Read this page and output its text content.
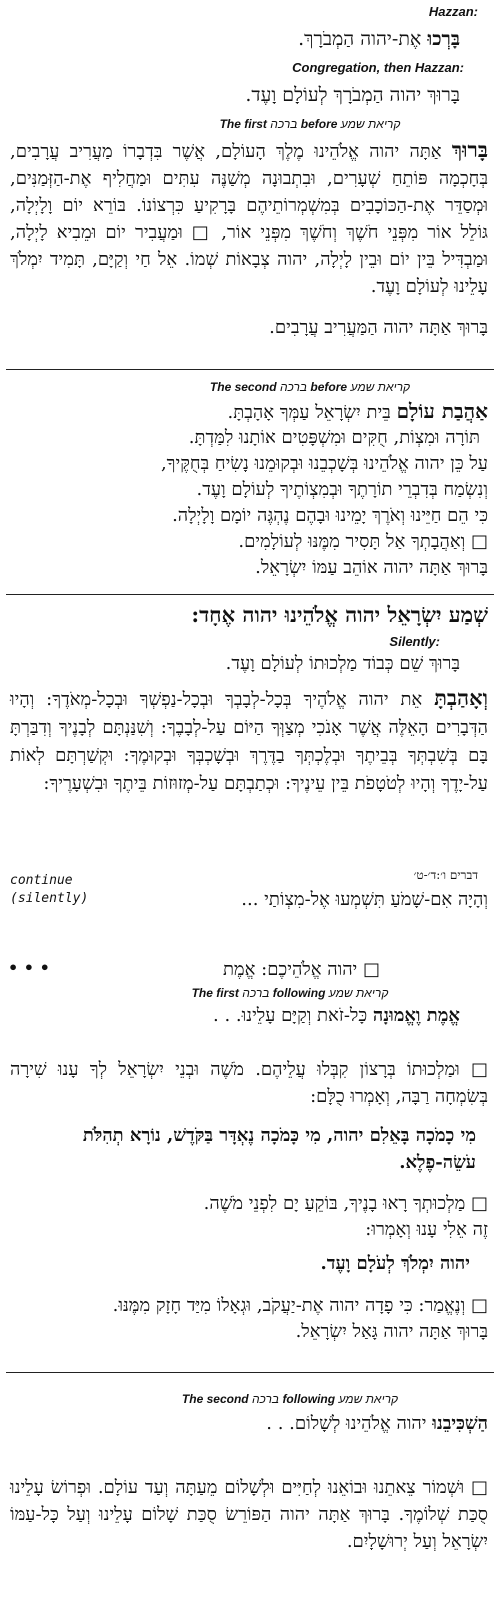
Hazzan:
בָּרְכוּ אֶת-יהוה הַמְבֹרָךְ.
Congregation, then Hazzan:
בָּרוּךְ יהוה הַמְבֹרָךְ לְעוֹלָם וָעֶד.
The first ברכה before קריאת שמע
בָּרוּךְ אַתָּה יהוה אֱלֹהֵינוּ מֶלֶךְ הָעוֹלָם, אֲשֶׁר בִּדְבָרוֹ מַעֲרִיב עֲרָבִים, בְּחָכְמָה פּוֹתֵחַ שְׁעָרִים, וּבִתְבוּנָה מְשַׁנֶּה עִתִּים וּמַחֲלִיף אֶת-הַזְּמַנִּים, וּמְסַדֵּר אֶת-הַכּוֹכָבִים בְּמִשְׁמְרוֹתֵיהֶם בָּרָקִיעַ כִּרְצוֹנוֹ. בּוֹרֵא יוֹם וָלָיְלָה, גּוֹלֵל אוֹר מִפְּנֵי חֹשֶׁךְ וְחֹשֶׁךְ מִפְּנֵי אוֹר, □ וּמַעֲבִיר יוֹם וּמֵבִיא לָיְלָה, וּמַבְדִּיל בֵּין יוֹם וּבֵין לָיְלָה, יהוה צְבָאוֹת שְׁמוֹ. אֵל חַי וְקַיָּם, תָּמִיד יִמְלֹךְ עָלֵינוּ לְעוֹלָם וָעֶד.
בָּרוּךְ אַתָּה יהוה הַמַּעֲרִיב עֲרָבִים.
The second ברכה before קריאת שמע
אַהֲבַת עוֹלָם בֵּית יִשְׂרָאֵל עַמְּךָ אָהָבְתָּ.
תּוֹרָה וּמִצְוֹת, חֻקִּים וּמִשְׁפָּטִים אוֹתָנוּ לִמַּדְתָּ.
עַל כֵּן יהוה אֱלֹהֵינוּ בְּשָׁכְבֵנוּ וּבְקוּמֵנוּ נָשִׂיחַ בְּחֻקֶּיךָ,
וְנִשְׂמַח בְּדִבְרֵי תוֹרָתֶךָ וּבְמִצְוֹתֶיךָ לְעוֹלָם וָעֶד.
כִּי הֵם חַיֵּינוּ וְאֹרֶךְ יָמֵינוּ וּבָהֶם נֶהְגֶּה יוֹמָם וָלָיְלָה.
□ וְאַהֲבָתְךָ אַל תָּסִיר מִמֶּנּוּ לְעוֹלָמִים.
בָּרוּךְ אַתָּה יהוה אוֹהֵב עַמּוֹ יִשְׂרָאֵל.
שְׁמַע יִשְׂרָאֵל יהוה אֱלֹהֵינוּ יהוה אֶחָד:
Silently:
בָּרוּךְ שֵׁם כְּבוֹד מַלְכוּתוֹ לְעוֹלָם וָעֶד.
וְאָהַבְתָּ אֵת יהוה אֱלֹהֶיךָ בְּכָל-לְבָבְךָ וּבְכָל-נַפְשְׁךָ וּבְכָל-מְאֹדֶךָ: וְהָיוּ הַדְּבָרִים הָאֵלֶּה אֲשֶׁר אָנֹכִי מְצַוְּךָ הַיּוֹם עַל-לְבָבֶךָ: וְשִׁנַּנְתָּם לְבָנֶיךָ וְדִבַּרְתָּ בָּם בְּשִׁבְתְּךָ בְּבֵיתֶךָ וּבְלֶכְתְּךָ בַדֶּרֶךְ וּבְשָׁכְבְּךָ וּבְקוּמֶךָ: וּקְשַׁרְתָּם לְאוֹת עַל-יָדֶךָ וְהָיוּ לְטֹטָפֹת בֵּין עֵינֶיךָ: וּכְתַבְתָּם עַל-מְזוּזוֹת בֵּיתֶךָ וּבִשְׁעָרֶיךָ:
דברים ו׳:ד׳-ט׳
continue (silently)	וְהָיָה אִם-שָׁמֹעַ תִּשְׁמְעוּ אֶל-מִצְוֹתַי ...
□ יהוה אֱלֹהֵיכֶם: אֱמֶת
• • •
The first ברכה following קריאת שמע
אֱמֶת וֶאֱמוּנָה כָּל-זֹאת וְקַיָּם עָלֵינוּ. . .
□ וּמַלְכוּתוֹ בְּרָצוֹן קִבְּלוּ עֲלֵיהֶם. מֹשֶׁה וּבְנֵי יִשְׂרָאֵל לְךָ עָנוּ שִׁירָה בְּשִׂמְחָה רַבָּה, וְאָמְרוּ כֻלָּם:
מִי כָמֹכָה בָּאֵלִם יהוה, מִי כָּמֹכָה נֶאְדָּר בַּקֹּדֶשׁ, נוֹרָא תְהִלֹּת עֹשֵׂה-פֶלֶא.
□ מַלְכוּתְךָ רָאוּ בָנֶיךָ, בּוֹקֵעַ יָם לִפְנֵי מֹשֶׁה.
זֶה אֵלִי עָנוּ וְאָמְרוּ:
יהוה יִמְלֹךְ לְעֹלָם וָעֶד.
□ וְנֶאֱמַר: כִּי פָדָה יהוה אֶת-יַעֲקֹב, וּגְאָלוֹ מִיַּד חָזָק מִמֶּנּוּ.
בָּרוּךְ אַתָּה יהוה גָּאַל יִשְׂרָאֵל.
The second ברכה following קריאת שמע
הַשְׁכִּיבֵנוּ יהוה אֱלֹהֵינוּ לְשָׁלוֹם. . .
□ וּשְׁמוֹר צֵאתֵנוּ וּבוֹאֵנוּ לְחַיִּים וּלְשָׁלוֹם מֵעַתָּה וְעַד עוֹלָם. וּפְרוֹשׂ עָלֵינוּ סֻכַּת שְׁלוֹמֶךָ. בָּרוּךְ אַתָּה יהוה הַפּוֹרֵשׂ סֻכַּת שָׁלוֹם עָלֵינוּ וְעַל כָּל-עַמּוֹ יִשְׂרָאֵל וְעַל יְרוּשָׁלָיִם.
